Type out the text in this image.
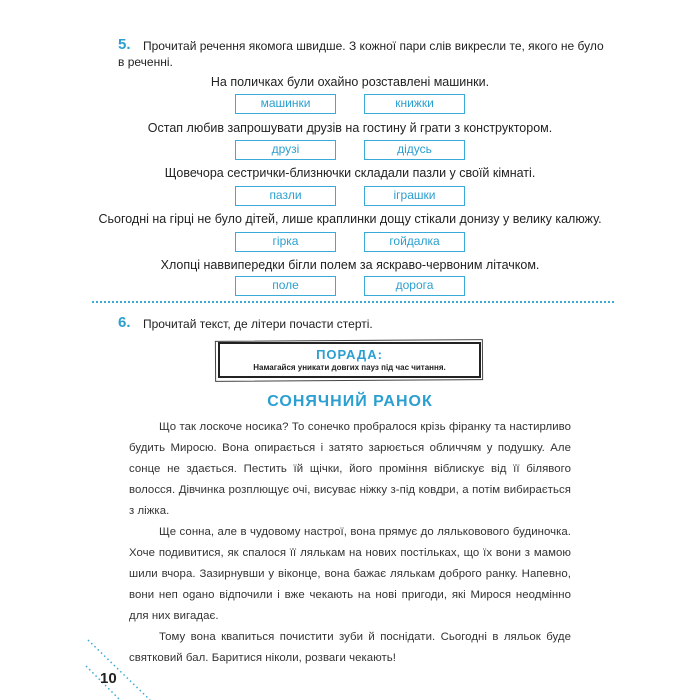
5. Прочитай речення якомога швидше. З кожної пари слів викресли те, якого не було
в реченні.
На поличках були охайно розставлені машинки.
машинки	книжки
Остап любив запрошувати друзів на гостину й грати з конструктором.
друзі	дідусь
Щовечора сестрички-близнючки складали пазли у своїй кімнаті.
пазли	іграшки
Сьогодні на гірці не було дітей, лише краплинки дощу стікали донизу у велику калюжу.
гірка	гойдалка
Хлопці наввипередки бігли полем за яскраво-червоним літачком.
поле	дорога
6. Прочитай текст, де літери почасти стерті.
ПОРАДА:
Намагайся уникати довгих пауз під час читання.
СОНЯЧНИЙ РАНОК

Що так лоскоче носика? То сонечко пробралося крізь фіранку та настирливо будить Миросю. Вона опирається і затято зарюється обличчям у подушку. Але сонце не здається. Пестить їй щічки, його проміння віблискує від її білявого волосся. Дівчинка розплющує очі, висуває ніжку з-під ковдри, а потім вибирається з ліжка.

Ще сонна, але в чудовому настрої, вона прямує до ляльковового будиночка. Хоче подивитися, як спалося її лялькам на нових постільках, що їх вони з мамою шили вчора. Зазирнувши у віконце, вона бажає лялькам доброго ранку. Напевно, вони неп ogано відпочили і вже чекають на нові пригоди, які Мирося неодмінно для них вигадає.

Тому вона квапиться почистити зуби й поснідати. Сьогодні в ляльок буде святковий бал. Баритися ніколи, розваги чекають!

10
